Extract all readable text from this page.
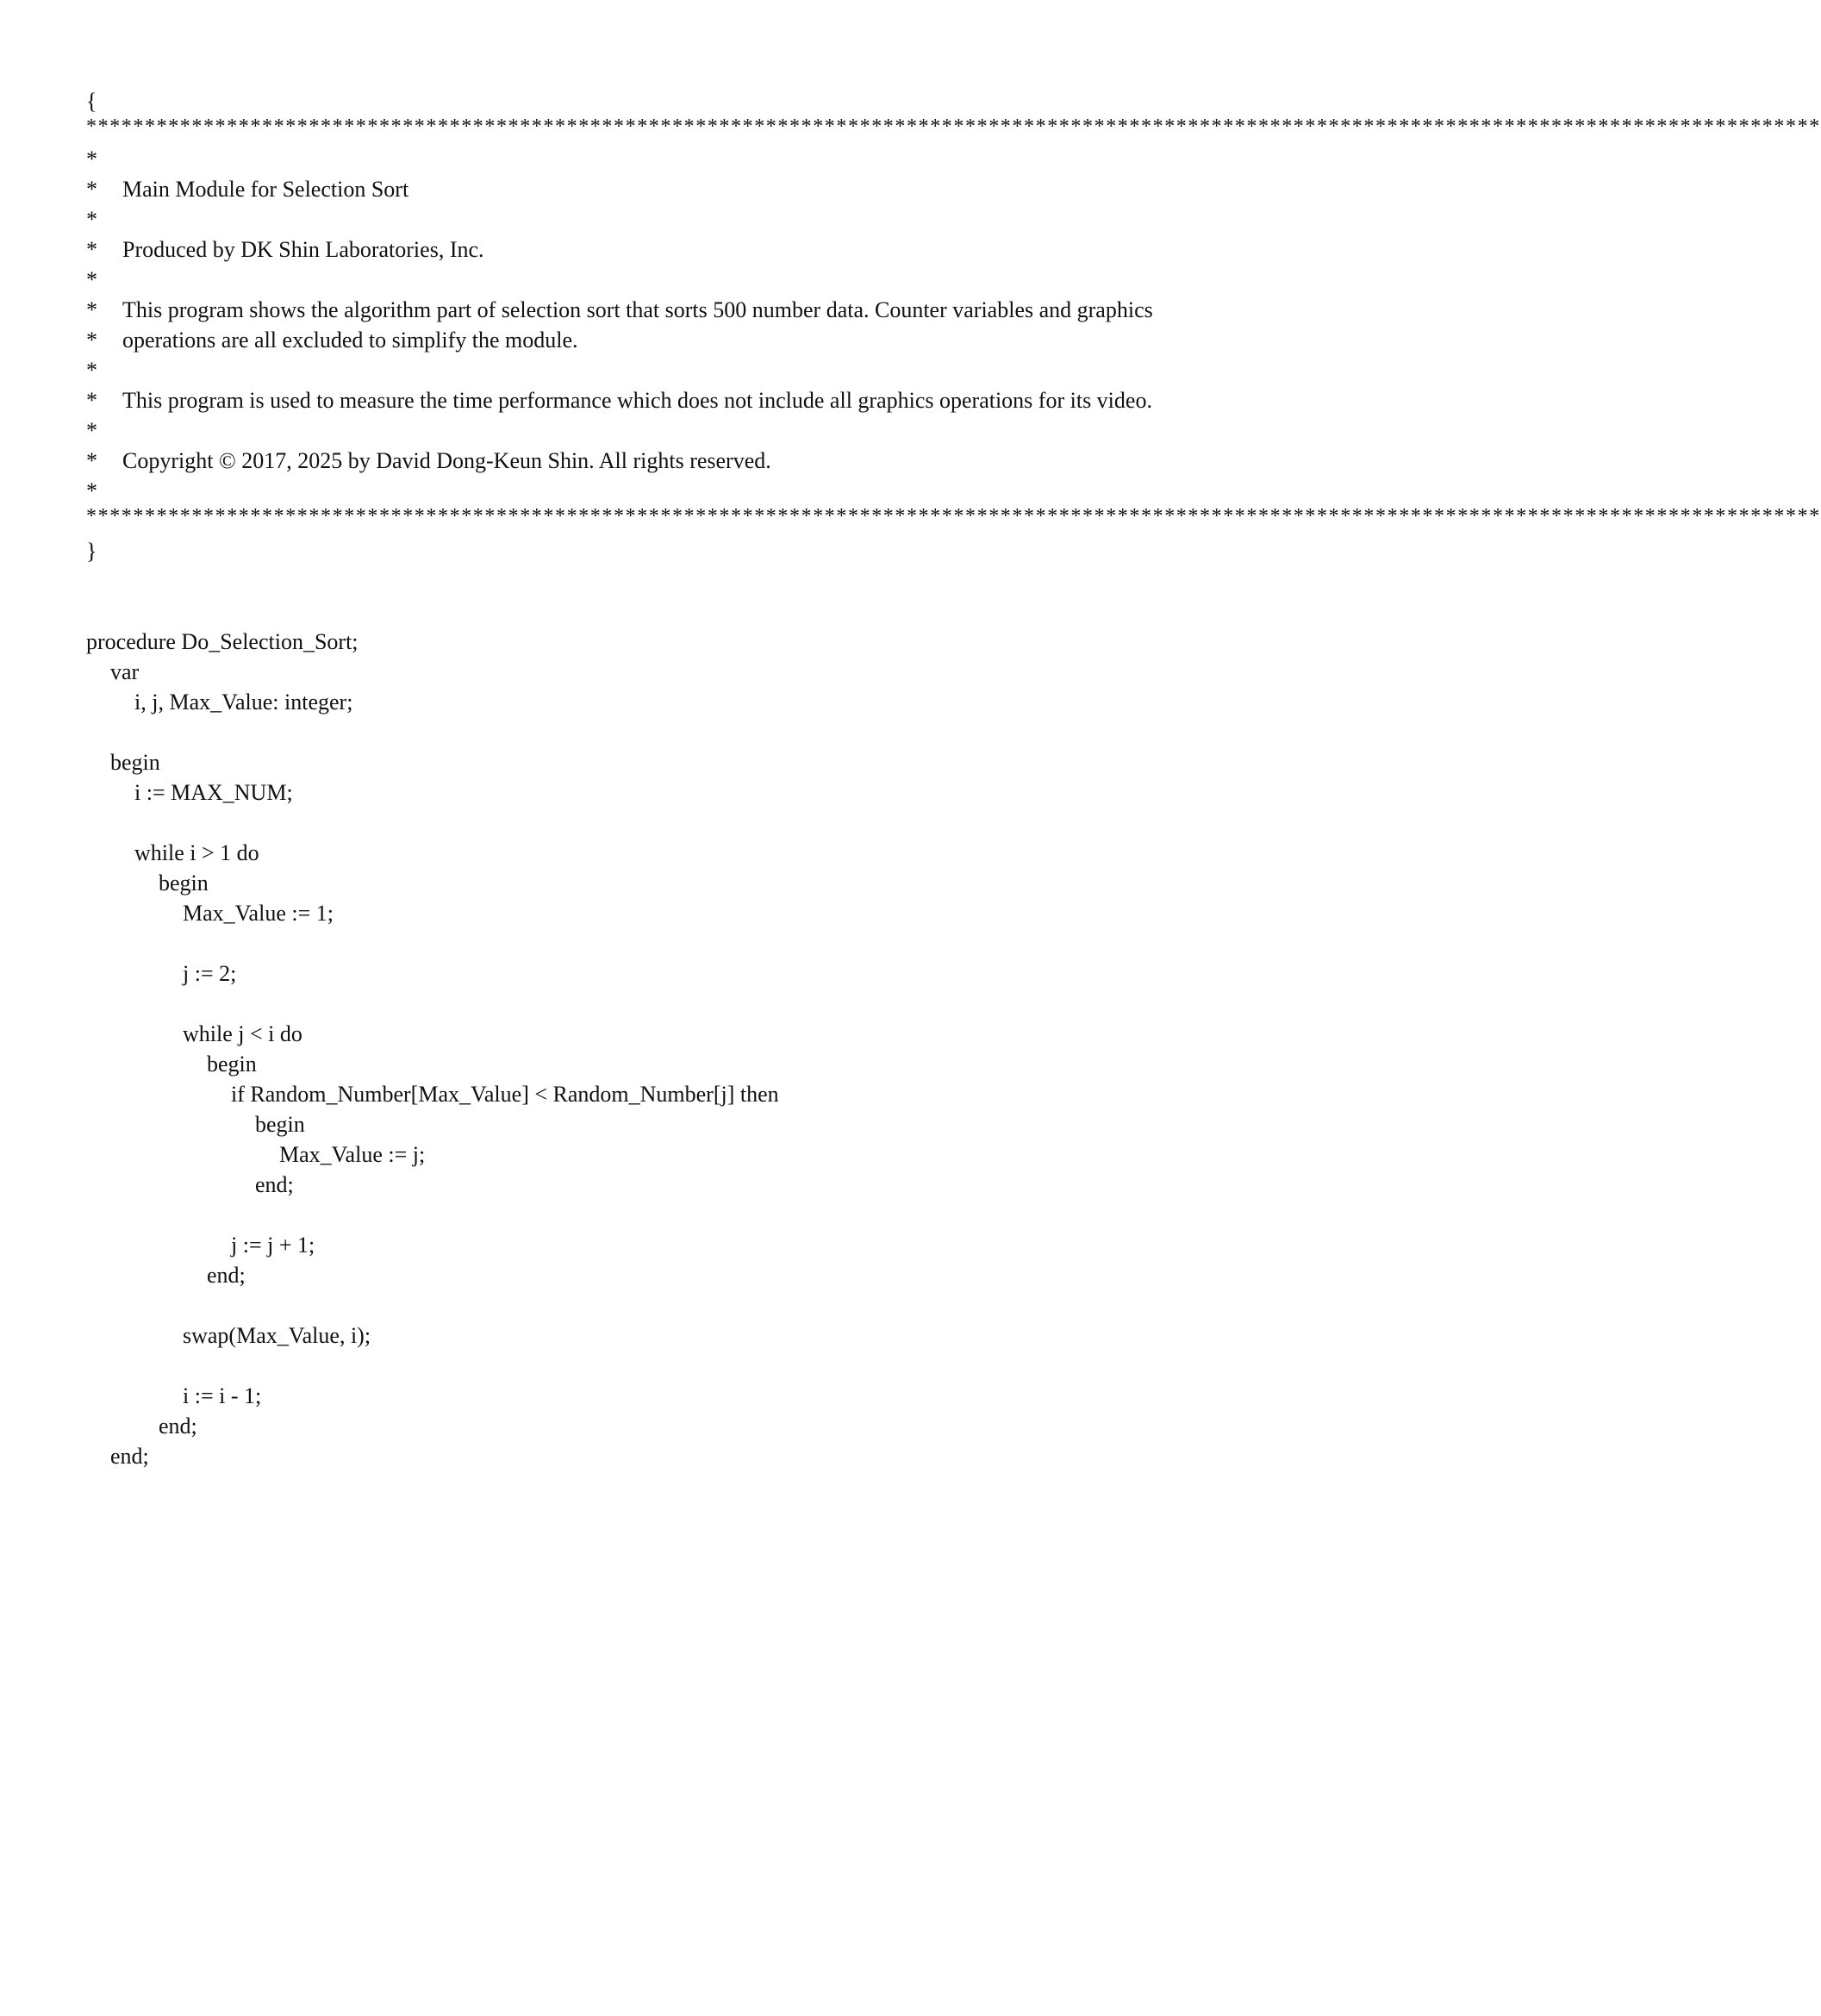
{
****************************************************************************************************************************************************
*
* Main Module for Selection Sort
*
* Produced by DK Shin Laboratories, Inc.
*
* This program shows the algorithm part of selection sort that sorts 500 number data. Counter variables and graphics
* operations are all excluded to simplify the module.
*
* This program is used to measure the time performance which does not include all graphics operations for its video.
*
* Copyright © 2017, 2025 by David Dong-Keun Shin. All rights reserved.
*
****************************************************************************************************************************************************
}
procedure Do_Selection_Sort;
var
i, j, Max_Value: integer;
begin
i := MAX_NUM;
while i > 1 do
begin
Max_Value := 1;
j := 2;
while j < i do
begin
if Random_Number[Max_Value] < Random_Number[j] then
begin
Max_Value := j;
end;
j := j + 1;
end;
swap(Max_Value, i);
i := i - 1;
end;
end;
